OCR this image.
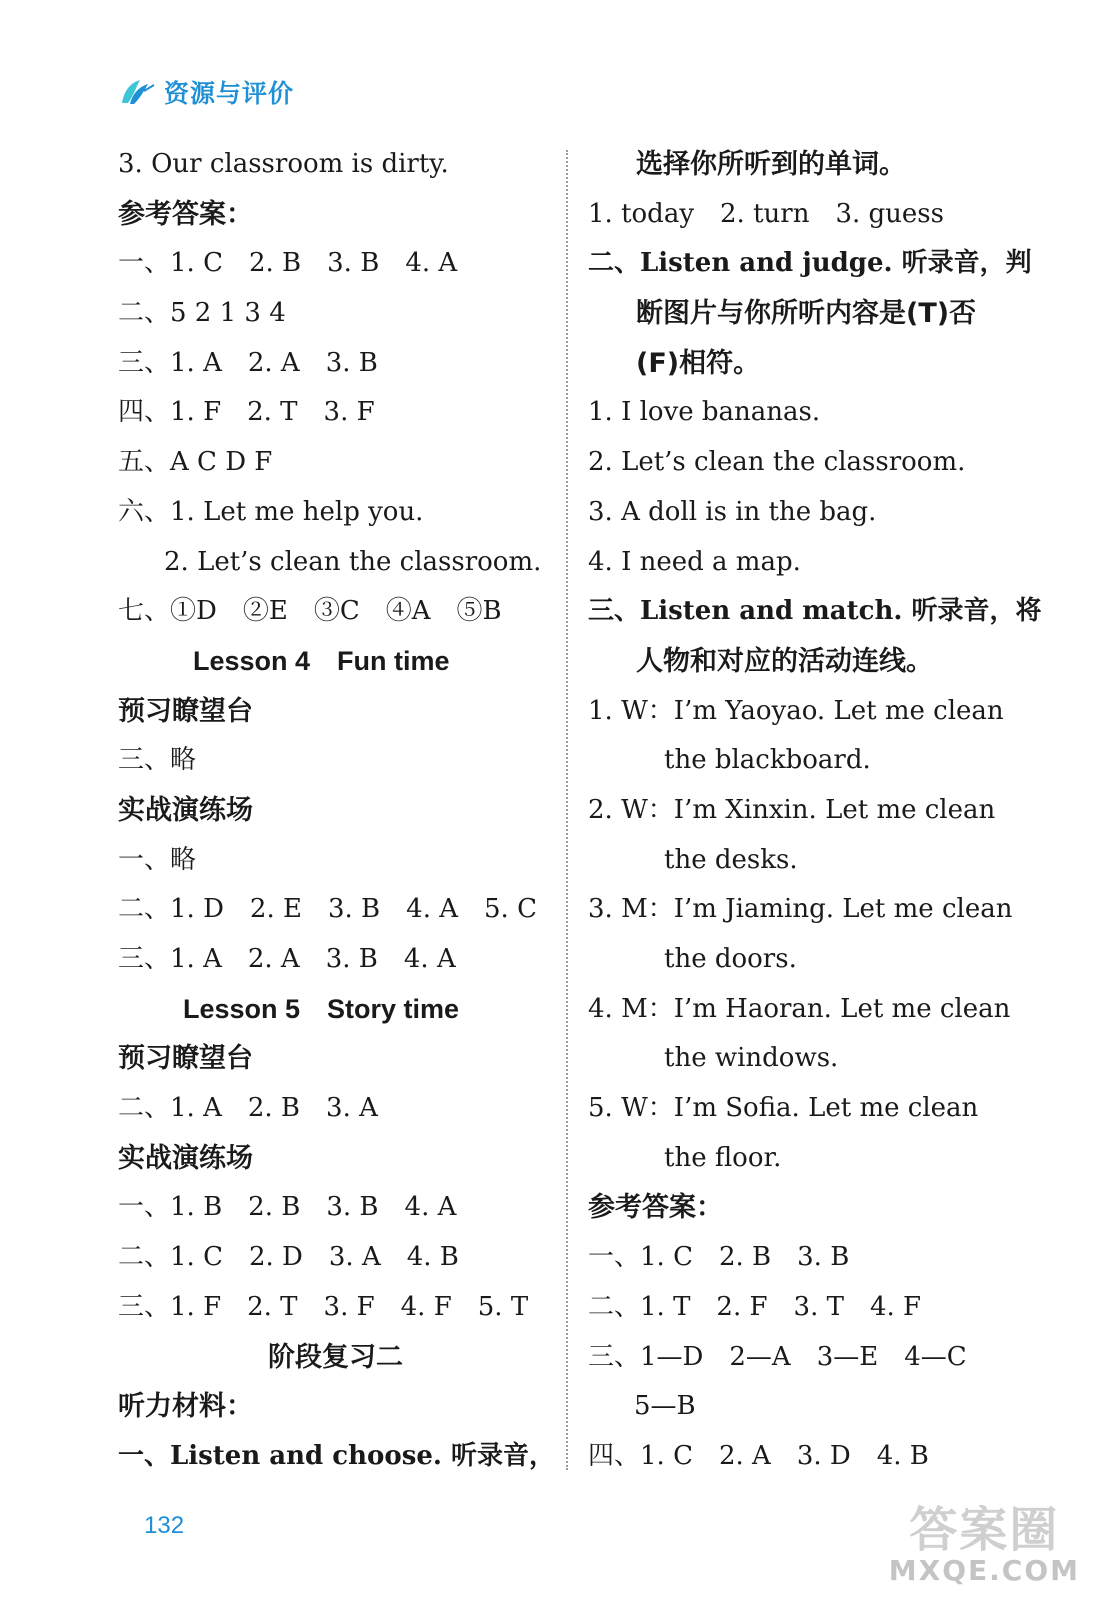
资源与评价
3. Our classroom is dirty.
参考答案：
一、1. C　2. B　3. B　4. A
二、5 2 1 3 4
三、1. A　2. A　3. B
四、1. F　2. T　3. F
五、A C D F
六、1. Let me help you.
2. Let’s clean the classroom.
七、①D　②E　③C　④A　⑤B
Lesson 4　Fun time
预习瞭望台
三、略
实战演练场
一、略
二、1. D　2. E　3. B　4. A　5. C
三、1. A　2. A　3. B　4. A
Lesson 5　Story time
预习瞭望台
二、1. A　2. B　3. A
实战演练场
一、1. B　2. B　3. B　4. A
二、1. C　2. D　3. A　4. B
三、1. F　2. T　3. F　4. F　5. T
阶段复习二
听力材料：
一、Listen and choose. 听录音，
选择你所听到的单词。
1. today　2. turn　3. guess
二、Listen and judge. 听录音，判
断图片与你所听内容是(T)否
(F)相符。
1. I love bananas.
2. Let’s clean the classroom.
3. A doll is in the bag.
4. I need a map.
三、Listen and match. 听录音，将
人物和对应的活动连线。
1. W：I’m Yaoyao. Let me clean
the blackboard.
2. W：I’m Xinxin. Let me clean
the desks.
3. M：I’m Jiaming. Let me clean
the doors.
4. M：I’m Haoran. Let me clean
the windows.
5. W：I’m Sofia. Let me clean
the floor.
参考答案：
一、1. C　2. B　3. B
二、1. T　2. F　3. T　4. F
三、1—D　2—A　3—E　4—C
5—B
四、1. C　2. A　3. D　4. B
132	答案圈
MXQE.COM
